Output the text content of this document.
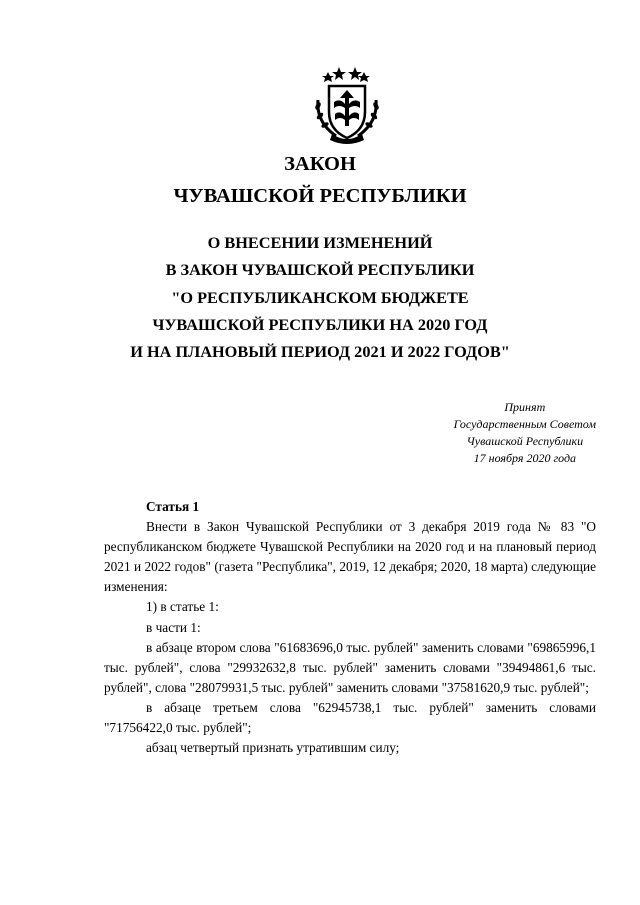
ЗАКОН
ЧУВАШСКОЙ РЕСПУБЛИКИ
О ВНЕСЕНИИ ИЗМЕНЕНИЙ
В ЗАКОН ЧУВАШСКОЙ РЕСПУБЛИКИ
"О РЕСПУБЛИКАНСКОМ БЮДЖЕТЕ
ЧУВАШСКОЙ РЕСПУБЛИКИ НА 2020 ГОД
И НА ПЛАНОВЫЙ ПЕРИОД 2021 И 2022 ГОДОВ"
Принят
Государственным Советом
Чувашской Республики
17 ноября 2020 года

Статья 1

Внести в Закон Чувашской Республики от 3 декабря 2019 года № 83 "О республиканском бюджете Чувашской Республики на 2020 год и на плановый период 2021 и 2022 годов" (газета "Республика", 2019, 12 декабря; 2020, 18 марта) следующие изменения:

1) в статье 1:

в части 1:

в абзаце втором слова "61683696,0 тыс. рублей" заменить словами "69865996,1 тыс. рублей", слова "29932632,8 тыс. рублей" заменить словами "39494861,6 тыс. рублей", слова "28079931,5 тыс. рублей" заменить словами "37581620,9 тыс. рублей";

в абзаце третьем слова "62945738,1 тыс. рублей" заменить словами "71756422,0 тыс. рублей";

абзац четвертый признать утратившим силу;
